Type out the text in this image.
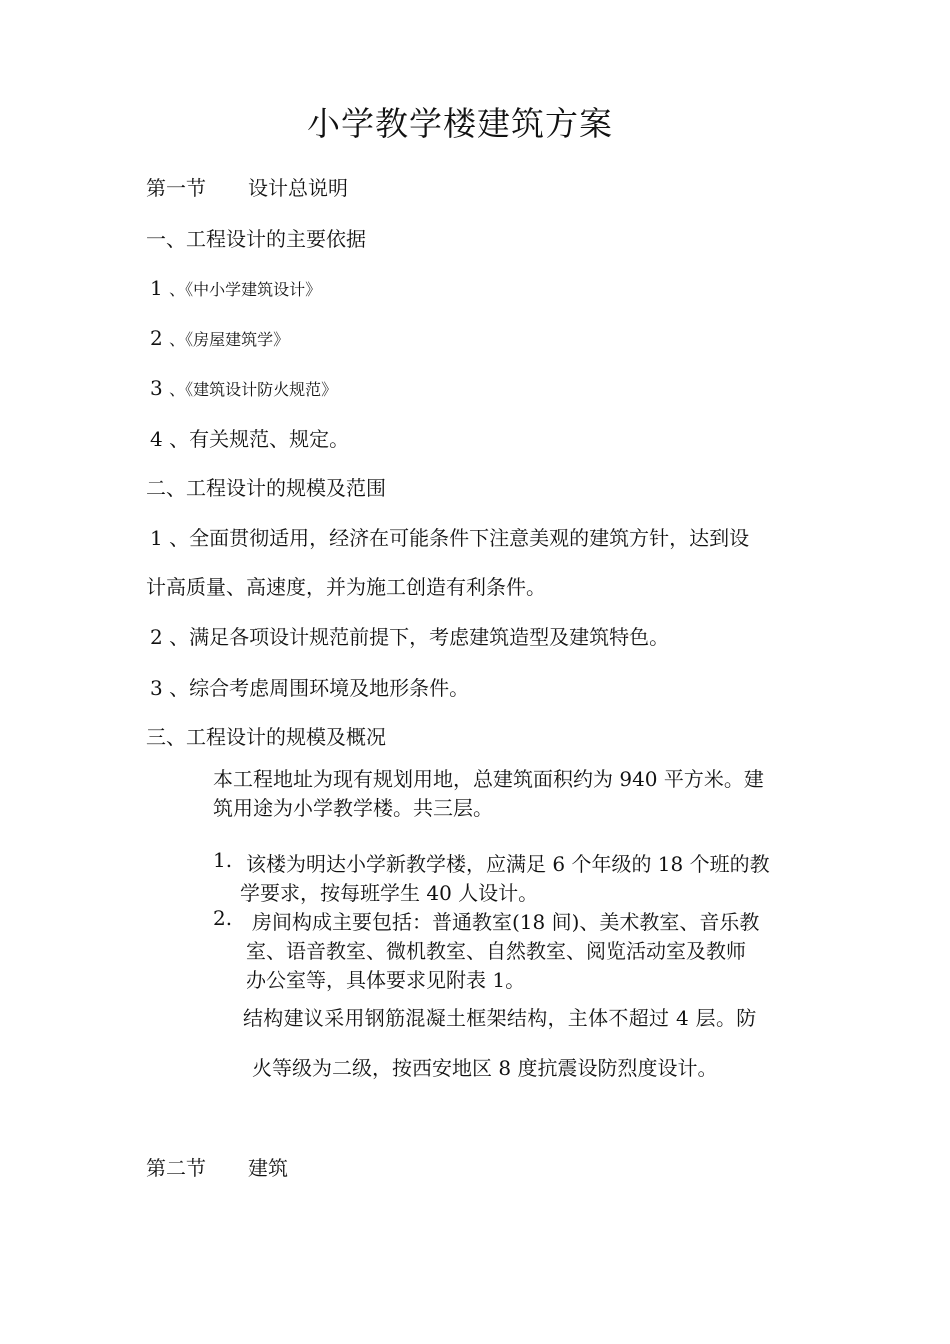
小学教学楼建筑方案
第一节 设计总说明
一、工程设计的主要依据
1 、《中小学建筑设计》
2 、《房屋建筑学》
3 、《建筑设计防火规范》
4 、有关规范、规定。
二、工程设计的规模及范围
1 、全面贯彻适用，经济在可能条件下注意美观的建筑方针，达到设
计高质量、高速度，并为施工创造有利条件。
2 、满足各项设计规范前提下，考虑建筑造型及建筑特色。
3 、综合考虑周围环境及地形条件。
三、工程设计的规模及概况
本工程地址为现有规划用地，总建筑面积约为 940 平方米。建
筑用途为小学教学楼。共三层。
1. 该楼为明达小学新教学楼，应满足 6 个年级的 18 个班的教
学要求，按每班学生 40 人设计。
2. 房间构成主要包括：普通教室(18 间)、美术教室、音乐教
室、语音教室、微机教室、自然教室、阅览活动室及教师
办公室等，具体要求见附表 1。
结构建议采用钢筋混凝土框架结构，主体不超过 4 层。防
火等级为二级，按西安地区 8 度抗震设防烈度设计。
第二节 建筑
